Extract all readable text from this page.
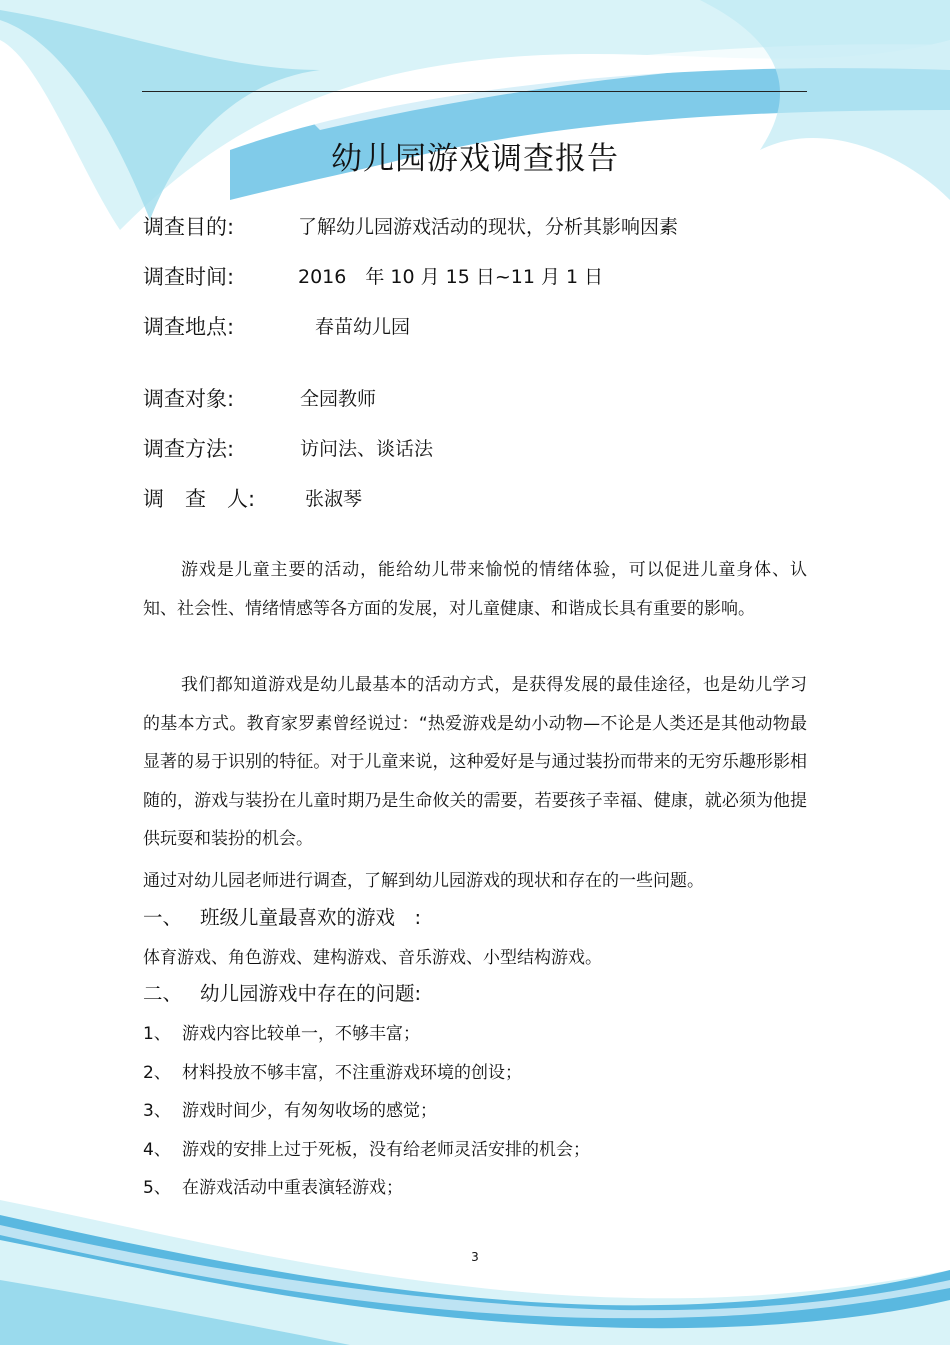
幼儿园游戏调查报告
调查目的:	了解幼儿园游戏活动的现状，分析其影响因素
调查时间:	2016　年 10 月 15 日~11 月 1 日
调查地点:	春苗幼儿园
调查对象:	全园教师
调查方法:	访问法、谈话法
调　查　人:	张淑琴

游戏是儿童主要的活动，能给幼儿带来愉悦的情绪体验，可以促进儿童身体、认知、社会性、情绪情感等各方面的发展，对儿童健康、和谐成长具有重要的影响。

我们都知道游戏是幼儿最基本的活动方式，是获得发展的最佳途径，也是幼儿学习的基本方式。教育家罗素曾经说过：“热爱游戏是幼小动物—不论是人类还是其他动物最显著的易于识别的特征。对于儿童来说，这种爱好是与通过装扮而带来的无穷乐趣形影相随的，游戏与装扮在儿童时期乃是生命攸关的需要，若要孩子幸福、健康，就必须为他提供玩耍和装扮的机会。

通过对幼儿园老师进行调查，了解到幼儿园游戏的现状和存在的一些问题。
一、 班级儿童最喜欢的游戏　:
体育游戏、角色游戏、建构游戏、音乐游戏、小型结构游戏。
二、 幼儿园游戏中存在的问题:
1、 游戏内容比较单一，不够丰富；
2、 材料投放不够丰富，不注重游戏环境的创设；
3、 游戏时间少，有匆匆收场的感觉；
4、 游戏的安排上过于死板，没有给老师灵活安排的机会；
5、 在游戏活动中重表演轻游戏；
3
